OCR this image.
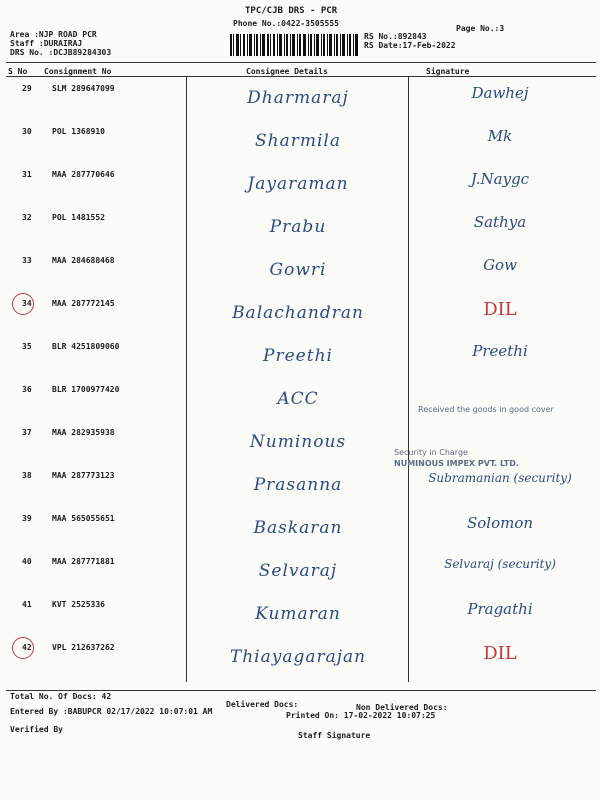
TPC/CJB DRS - PCR
Phone No.:0422-3505555
Page No.:3
Area :NJP ROAD PCR
Staff :DURAIRAJ
DRS No. :DCJB89284303
RS No.:892843
RS Date:17-Feb-2022
S No Consignment No	Consignee Details	Signature
29	SLM 289647099	Dharmaraj	Dawhej
30	POL 1368910	Sharmila	Mk
31	MAA 287770646	Jayaraman	J.Naygc
32	POL 1481552	Prabu	Sathya
33	MAA 284688468	Gowri	Gow
34	MAA 287772145	Balachandran	DIL
35	BLR 4251809060	Preethi	Preethi
36	BLR 1700977420	ACC
37	MAA 282935938	Numinous
38	MAA 287773123	Prasanna	Subramanian (security)
39	MAA 565055651	Baskaran	Solomon
40	MAA 287771881	Selvaraj	Selvaraj (security)
41	KVT 2525336	Kumaran	Pragathi
42	VPL 212637262	Thiayagarajan	DIL
Received the goods in good cover
Security in Charge
NUMINOUS IMPEX PVT. LTD.
Total No. Of Docs: 42
Delivered Docs:	Non Delivered Docs:
Entered By :BABUPCR 02/17/2022 10:07:01 AM	Printed On: 17-02-2022 10:07:25
Verified By
Staff Signature
